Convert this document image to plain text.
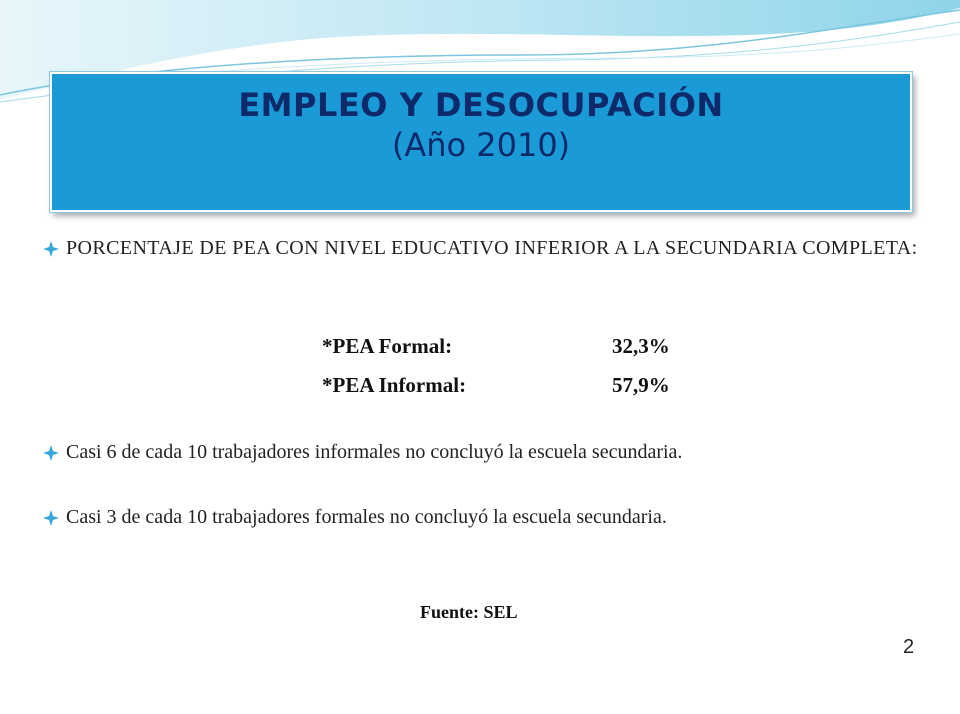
EMPLEO Y DESOCUPACIÓN
(Año 2010)
PORCENTAJE DE PEA CON NIVEL EDUCATIVO INFERIOR A LA SECUNDARIA COMPLETA:
*PEA Formal:	32,3%
*PEA Informal:	57,9%
Casi 6 de cada 10 trabajadores informales no concluyó la escuela secundaria.
Casi 3 de cada 10 trabajadores formales no concluyó la escuela secundaria.
Fuente: SEL
2
